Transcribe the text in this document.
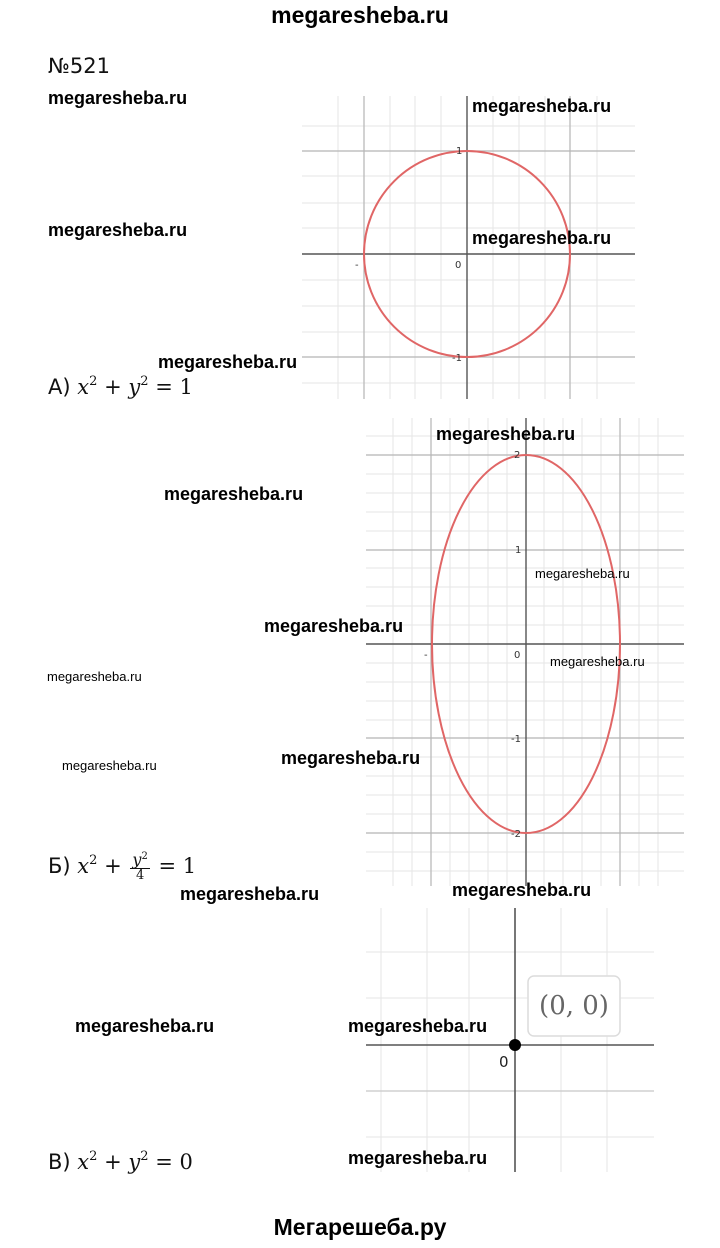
megaresheba.ru
№521
-	0
1
-1
А) $x^2 + y^2 = 1$
-	0
2
1
-1
-2
Б) $x^2 + \frac{y^2}{4} = 1$
(0, 0)
0
В) $x^2 + y^2 = 0$
megaresheba.ru	megaresheba.ru
megaresheba.ru	megaresheba.ru
megaresheba.ru
megaresheba.ru
megaresheba.ru
megaresheba.ru
megaresheba.ru
megaresheba.ru
megaresheba.ru
megaresheba.ru
megaresheba.ru
megaresheba.ru
megaresheba.ru
megaresheba.ru	megaresheba.ru
megaresheba.ru
Мегарешеба.ру
